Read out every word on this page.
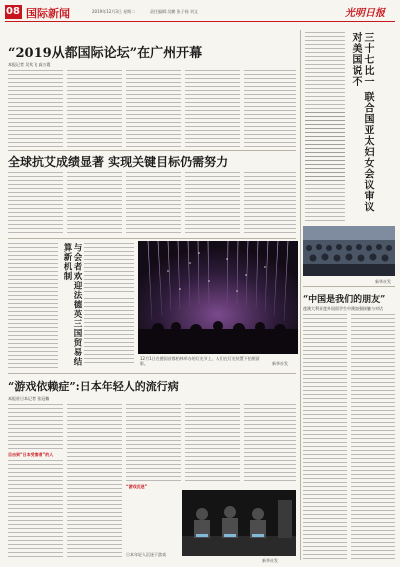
08 国际新闻	2019年12月3日 星期二	责任编辑:吴鹏 张子扬 刘文	光明日报
“2019从都国际论坛”在广州开幕
本报记者 吴兆飞 高万霞
全球抗艾成绩显著 实现关键目标仍需努力
与会者欢迎法德英三国贸易结算新机制
12月1日在德国首都柏林举办的灯光节上，人们在灯光装置下拍照留影。	新华社发
“游戏依赖症”:日本年轻人的流行病
本报驻日本记者 张冠楠
目击到“日本受害者”的人
“游戏沉迷”
日本年轻人沉迷于游戏
新华社发
三十七比一 联合国亚太妇女会议审议对美国说不
新华社发
“中国是我们的朋友”
莲澳大利亚莲外国留学生中澳加强接触与对话
